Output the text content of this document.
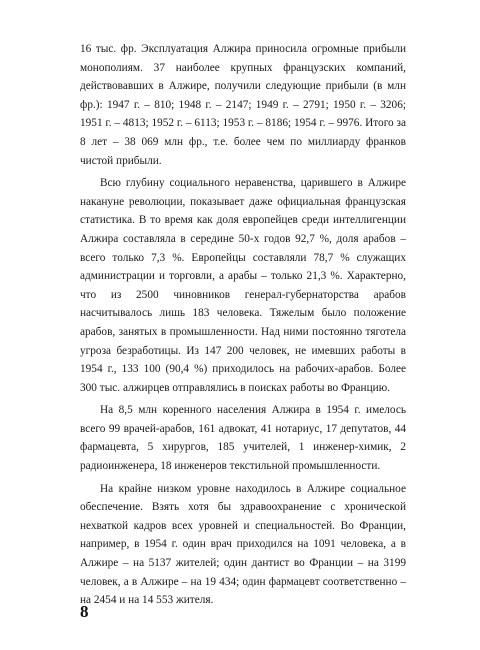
16 тыс. фр. Эксплуатация Алжира приносила огромные прибыли монополиям. 37 наиболее крупных французских компаний, действовавших в Алжире, получили следующие прибыли (в млн фр.): 1947 г. – 810; 1948 г. – 2147; 1949 г. – 2791; 1950 г. – 3206; 1951 г. – 4813; 1952 г. – 6113; 1953 г. – 8186; 1954 г. – 9976. Итого за 8 лет – 38 069 млн фр., т.е. более чем по миллиарду франков чистой прибыли.

Всю глубину социального неравенства, царившего в Алжире накануне революции, показывает даже официальная французская статистика. В то время как доля европейцев среди интеллигенции Алжира составляла в середине 50-х годов 92,7 %, доля арабов – всего только 7,3 %. Европейцы составляли 78,7 % служащих администрации и торговли, а арабы – только 21,3 %. Характерно, что из 2500 чиновников генерал-губернаторства арабов насчитывалось лишь 183 человека. Тяжелым было положение арабов, занятых в промышленности. Над ними постоянно тяготела угроза безработицы. Из 147 200 человек, не имевших работы в 1954 г., 133 100 (90,4 %) приходилось на рабочих-арабов. Более 300 тыс. алжирцев отправлялись в поисках работы во Францию.

На 8,5 млн коренного населения Алжира в 1954 г. имелось всего 99 врачей-арабов, 161 адвокат, 41 нотариус, 17 депутатов, 44 фармацевта, 5 хирургов, 185 учителей, 1 инженер-химик, 2 радиоинженера, 18 инженеров текстильной промышленности.

На крайне низком уровне находилось в Алжире социальное обеспечение. Взять хотя бы здравоохранение с хронической нехваткой кадров всех уровней и специальностей. Во Франции, например, в 1954 г. один врач приходился на 1091 человека, а в Алжире – на 5137 жителей; один дантист во Франции – на 3199 человек, а в Алжире – на 19 434; один фармацевт соответственно – на 2454 и на 14 553 жителя.

8
